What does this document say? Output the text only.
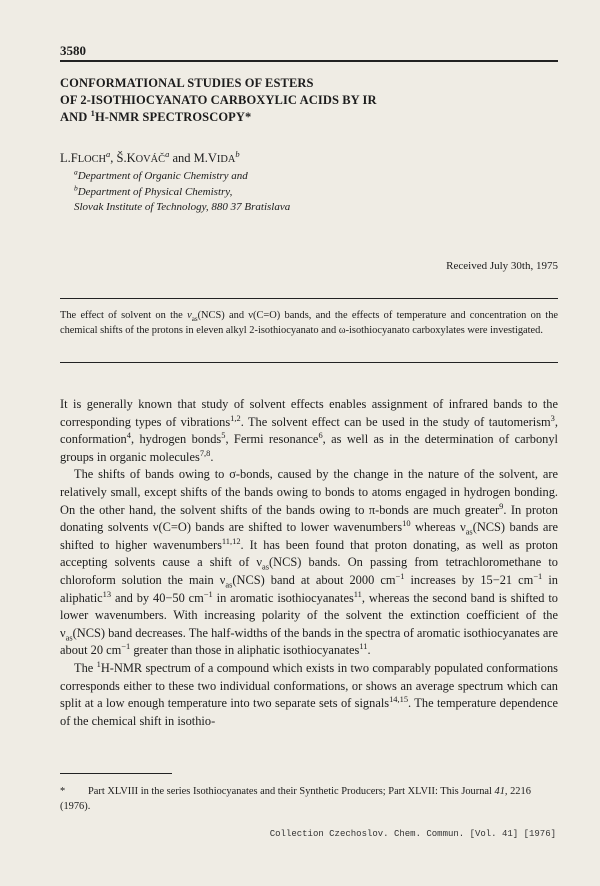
3580
CONFORMATIONAL STUDIES OF ESTERS
OF 2-ISOTHIOCYANATO CARBOXYLIC ACIDS BY IR
AND $^1$H-NMR SPECTROSCOPY*
L.FLOCH$^a$, Š.KOVÁČ$^a$ and M.VIDA$^b$
$^a$Department of Organic Chemistry and
$^b$Department of Physical Chemistry,
Slovak Institute of Technology, 880 37 Bratislava
Received July 30th, 1975
The effect of solvent on the $\nu_{as}(NCS)$ and ν(C=O) bands, and the effects of temperature and concentration on the chemical shifts of the protons in eleven alkyl 2-isothiocyanato and ω-isothiocyanato carboxylates were investigated.

It is generally known that study of solvent effects enables assignment of infrared bands to the corresponding types of vibrations$^{1,2}$. The solvent effect can be used in the study of tautomerism$^3$, conformation$^4$, hydrogen bonds$^5$, Fermi resonance$^6$, as well as in the determination of carbonyl groups in organic molecules$^{7,8}$.

The shifts of bands owing to σ-bonds, caused by the change in the nature of the solvent, are relatively small, except shifts of the bands owing to bonds to atoms engaged in hydrogen bonding. On the other hand, the solvent shifts of the bands owing to π-bonds are much greater$^9$. In proton donating solvents ν(C=O) bands are shifted to lower wavenumbers$^{10}$ whereas $\nu_{as}(NCS)$ bands are shifted to higher wavenumbers$^{11,12}$. It has been found that proton donating, as well as proton accepting solvents cause a shift of $\nu_{as}(NCS)$ bands. On passing from tetrachloromethane to chloroform solution the main $\nu_{as}(NCS)$ band at about 2000 $cm^{-1}$ increases by 15−21 $cm^{-1}$ in aliphatic$^{13}$ and by 40−50 $cm^{-1}$ in aromatic isothiocyanates$^{11}$, whereas the second band is shifted to lower wavenumbers. With increasing polarity of the solvent the extinction coefficient of the $\nu_{as}(NCS)$ band decreases. The half-widths of the bands in the spectra of aromatic isothiocyanates are about 20 $cm^{-1}$ greater than those in aliphatic isothiocyanates$^{11}$.

The $^1$H-NMR spectrum of a compound which exists in two comparably populated conformations corresponds either to these two individual conformations, or shows an average spectrum which can split at a low enough temperature into two separate sets of signals$^{14,15}$. The temperature dependence of the chemical shift in isothio-

* Part XLVIII in the series Isothiocyanates and their Synthetic Producers; Part XLVII: This Journal 41, 2216 (1976).
Collection Czechoslov. Chem. Commun. [Vol. 41] [1976]
